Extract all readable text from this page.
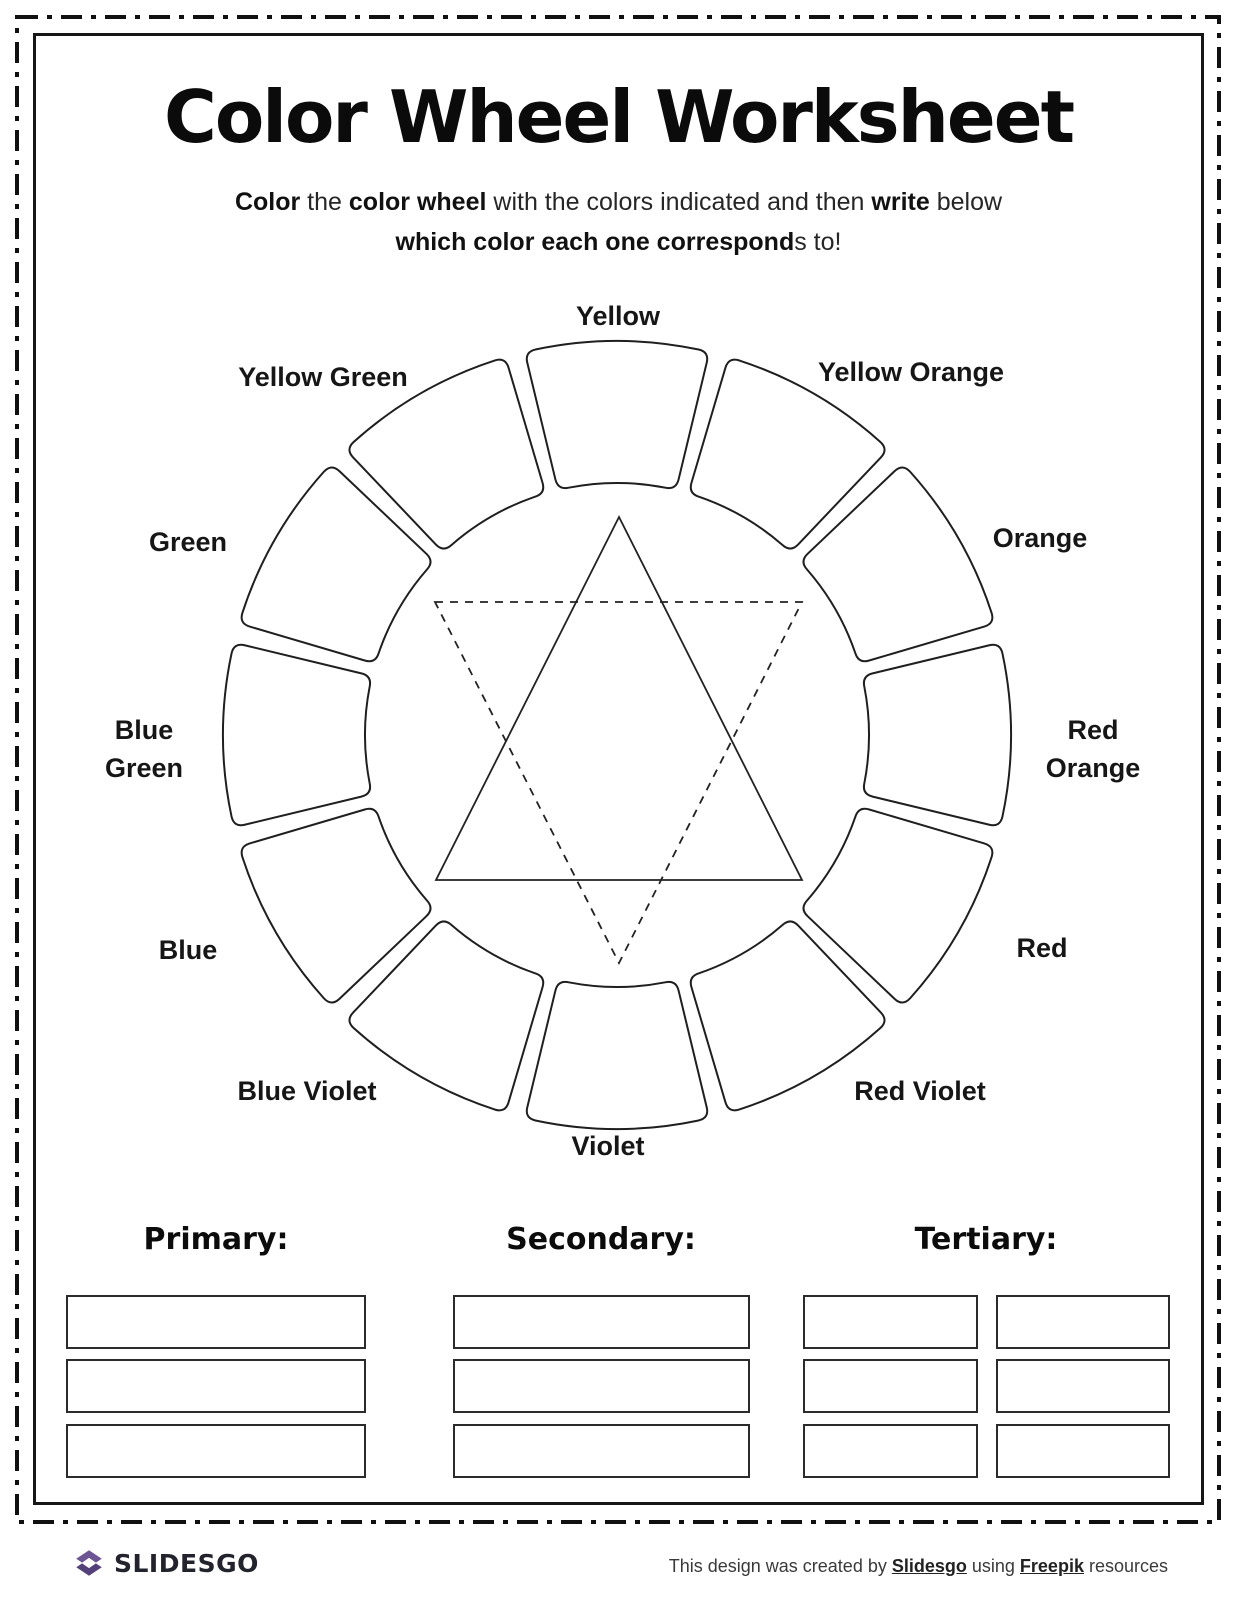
Color Wheel Worksheet
Color the color wheel with the colors indicated and then write below
which color each one corresponds to!
Yellow
Yellow Orange
Orange
Red Orange
Red
Red Violet
Violet
Blue Violet
Blue
Blue Green
Green
Yellow Green
Primary:	Secondary:	Tertiary:
SLIDESGO	This design was created by Slidesgo using Freepik resources
